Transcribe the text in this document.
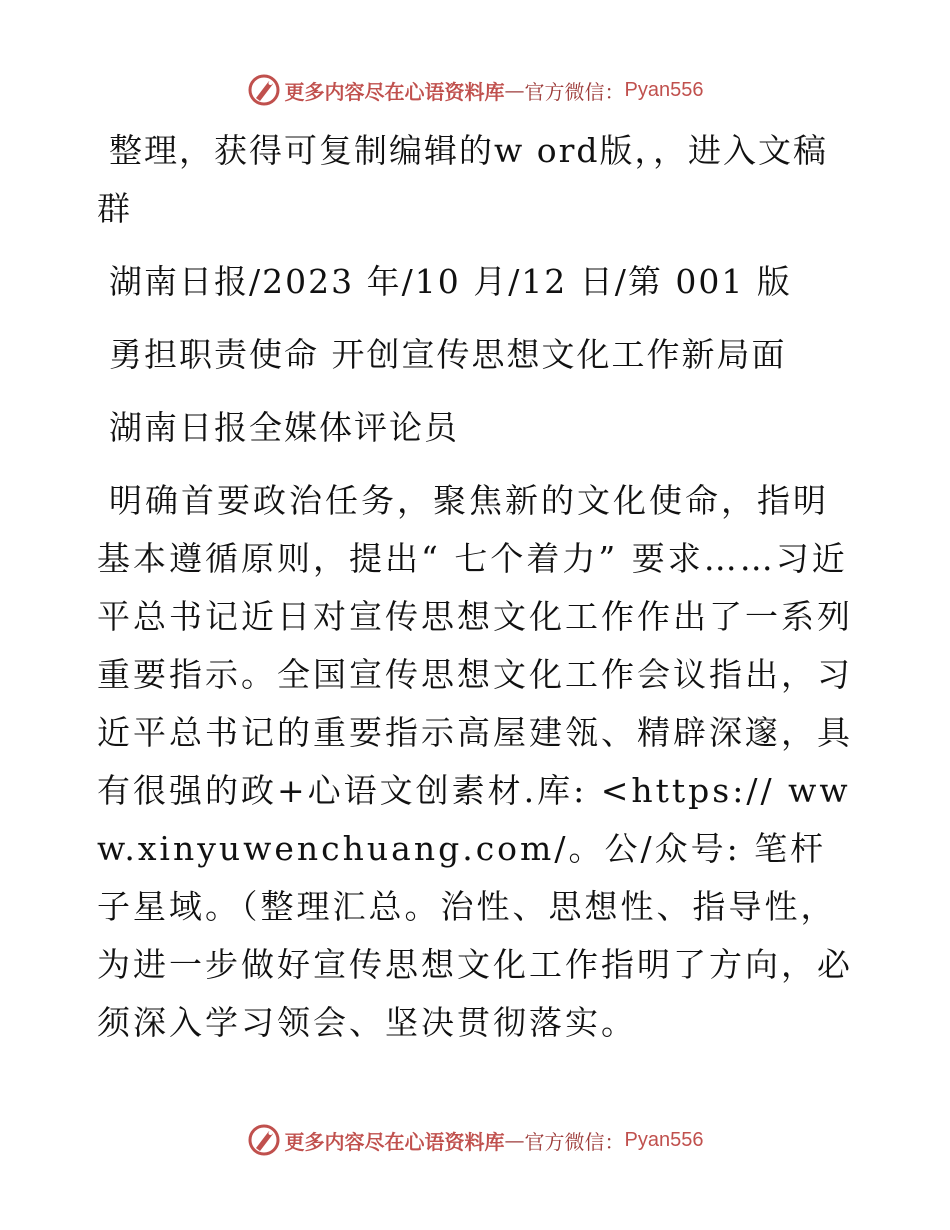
更多内容尽在心语资料库 — 官方微信： Pyan556

整理，获得可复制编辑的w ord版，，进入文稿群

湖南日报/2023 年/10 月/12 日/第 001 版

勇担职责使命 开创宣传思想文化工作新局面

湖南日报全媒体评论员

明确首要政治任务，聚焦新的文化使命，指明基本遵循原则，提出“ 七个着力” 要求……习近平总书记近日对宣传思想文化工作作出了一系列重要指示。全国宣传思想文化工作会议指出，习近平总书记的重要指示高屋建瓴、精辟深邃，具有很强的政+心语文创素材.库: <https:// www.xinyuwenchuang.com/。公/众号: 笔杆子星域。（整理汇总。治性、思想性、指导性，为进一步做好宣传思想文化工作指明了方向，必须深入学习领会、坚决贯彻落实。

更多内容尽在心语资料库 — 官方微信： Pyan556
